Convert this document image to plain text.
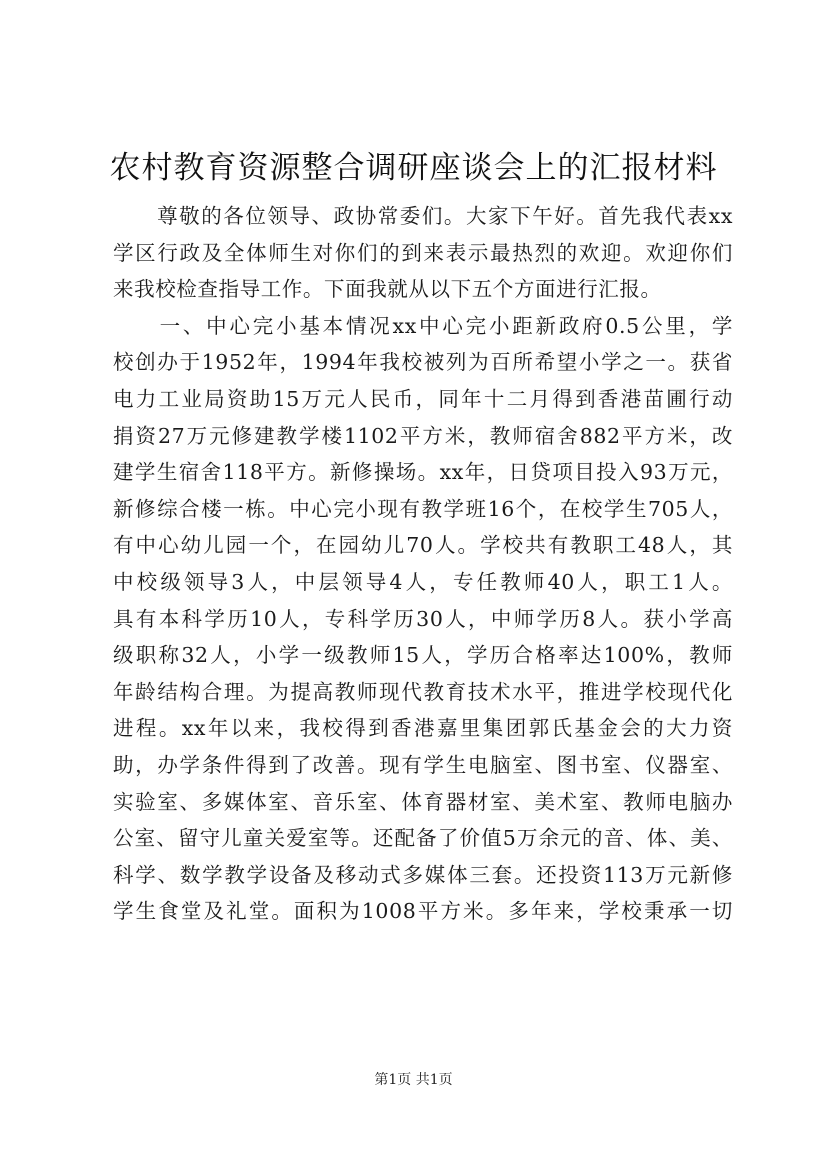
农村教育资源整合调研座谈会上的汇报材料
　　尊敬的各位领导、政协常委们。大家下午好。首先我代表xx
学区行政及全体师生对你们的到来表示最热烈的欢迎。欢迎你们
来我校检查指导工作。下面我就从以下五个方面进行汇报。
　　一、中心完小基本情况xx中心完小距新政府0.5公里，学
校创办于1952年，1994年我校被列为百所希望小学之一。获省
电力工业局资助15万元人民币，同年十二月得到香港苗圃行动
捐资27万元修建教学楼1102平方米，教师宿舍882平方米，改
建学生宿舍118平方。新修操场。xx年，日贷项目投入93万元，
新修综合楼一栋。中心完小现有教学班16个，在校学生705人，
有中心幼儿园一个，在园幼儿70人。学校共有教职工48人，其
中校级领导3人，中层领导4人，专任教师40人，职工1人。
具有本科学历10人，专科学历30人，中师学历8人。获小学高
级职称32人，小学一级教师15人，学历合格率达100%，教师
年龄结构合理。为提高教师现代教育技术水平，推进学校现代化
进程。xx年以来，我校得到香港嘉里集团郭氏基金会的大力资
助，办学条件得到了改善。现有学生电脑室、图书室、仪器室、
实验室、多媒体室、音乐室、体育器材室、美术室、教师电脑办
公室、留守儿童关爱室等。还配备了价值5万余元的音、体、美、
科学、数学教学设备及移动式多媒体三套。还投资113万元新修
学生食堂及礼堂。面积为1008平方米。多年来，学校秉承一切
第1页 共1页
